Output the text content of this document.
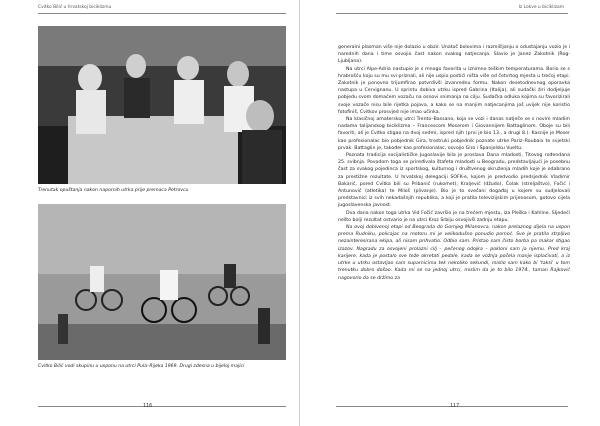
Cvitko Bilić u hrvatskoj biciklizmu
Trenutak opuštanja nakon napornih utrka prije premaca Petrovcu
Cvitko Bilić vodi skupinu u usponu na utrci Pula–Rijeka 1969. Drugi zdesna u bijeloj majici
116
Iz Lokve u biciklizam

generalni plasman više nije dolazio u obzir. Unatoč bolovima i razmišljanju o odustajanju vozio je i narednih dana i time osvojio čast nakon svakog natjecanja. Slavio je Janez Zakotnik (Rog-Ljubljana).

Na utrci Alpe-Adria nastupio je s mnogo favorita u iznimno teškim temperaturama. Borio se s hrabrošću koju su mu svi priznali, ali nije uspio postići ništa više od četvrtog mjesta u trećoj etapi. Zakotnik je ponovno trijumfirao potvrdivši izvanrednu formu. Nakon desetodnevnog oporavka nastupa u Cervignanu. U sprintu dobiva utrku ispred Gabrina (Italija), ali sudački žiri dodjeljuje pobjedu svom domaćem vozaču na osnovi snimanja na cilju. Sudačka odluka kojima su favorizirali svoje vozače nisu bile rijetka pojava, a kako se na manjim natjecanjima još uvijek nije koristio fotofiniš, Cvitkov prosvjed nije imao učinka.

Na klasičnoj amaterskoj utrci Trento–Bassano, koja se vozi i danas natječe se s novim mladim nadama talijanskog biciklizma – Francescom Moserom i Giovannijem Battaglinom. Oboje su bili favoriti, ali je Cvitko stigao na dvoj sedmi, ispred njih (prvi je bio 13., a drugi 8.). Kasnije je Moser kao profesionalac bio pobjednik Gira, trostruki pobjednik poznate utrke Pariz–Roubaix te svjetski prvak. Battaglin je, također kao profesionalac, osvojio Giro i Španjolsku Vueltu.

Poznata tradicija socijalističke Jugoslavije bila je proslava Dana mladosti, Titovog rođendana 25. svibnja. Povodom toga se priređivala štafeta mladosti u Beogradu, predstavljajući je posebnu čast za svakog pojedinca iz sportskog, kulturnog i društvenog okruženja mladih koje je odabrano za prestižne rezultate. U hrvatskoj delegaciji SOFK-e, kojom je predvodio predsjednik Vladimir Bakarić, pored Cvitka bili su Pribanić (rukomet), Kraljević (džudo), Čolak (streljaštvo), Fočić i Antunović (atletika) te Miloš (plivanje). Bio je to svečani događaj u kojem su sudjelovali predstavnici iz svih nekadašnjih republika, a koji je pratila televizijskim prijenosom, gotovo cijela jugoslavenska javnost.

Dva dana nakon toga utrka Vid Fočić završio je na trećem mjestu, iza Pleška i Kahline. Sljedeći nešto bolji rezultat ostvario je na utrci Kroz Srbiju osvojivši zadnju etapu.

Na ovoj dobivenoj etapi od Beograda do Gornjeg Milanovca, nakon prelaznog dijela na uspon prema Rudniku, policajac na motoru mi je velikodušno ponudio pomoć. Sve je pratila strpljivo nezainteresirana ekipa, ali nisam prihvatio. Odbio sam. Pristao sam čisto borba pa makar stigao izazov. Nagradu za osvojeni prolazni cilj – pečenog odojka – pokloni sam ja njemu. Pred kraj karijere, kada je postalo sve teže okretati pedale, kada se vožnja počela manje isplaćivati, a iz utrke u utrku ostavljao sam suparnicima tek nekoliko sekundi, mislio sam kako bi 'taksi' u tom trenutku dobro došao. Kada mi se na jednoj utrci, mislim da je to bilo 1974., taman Rajković nagovorio da se držimo za

117
